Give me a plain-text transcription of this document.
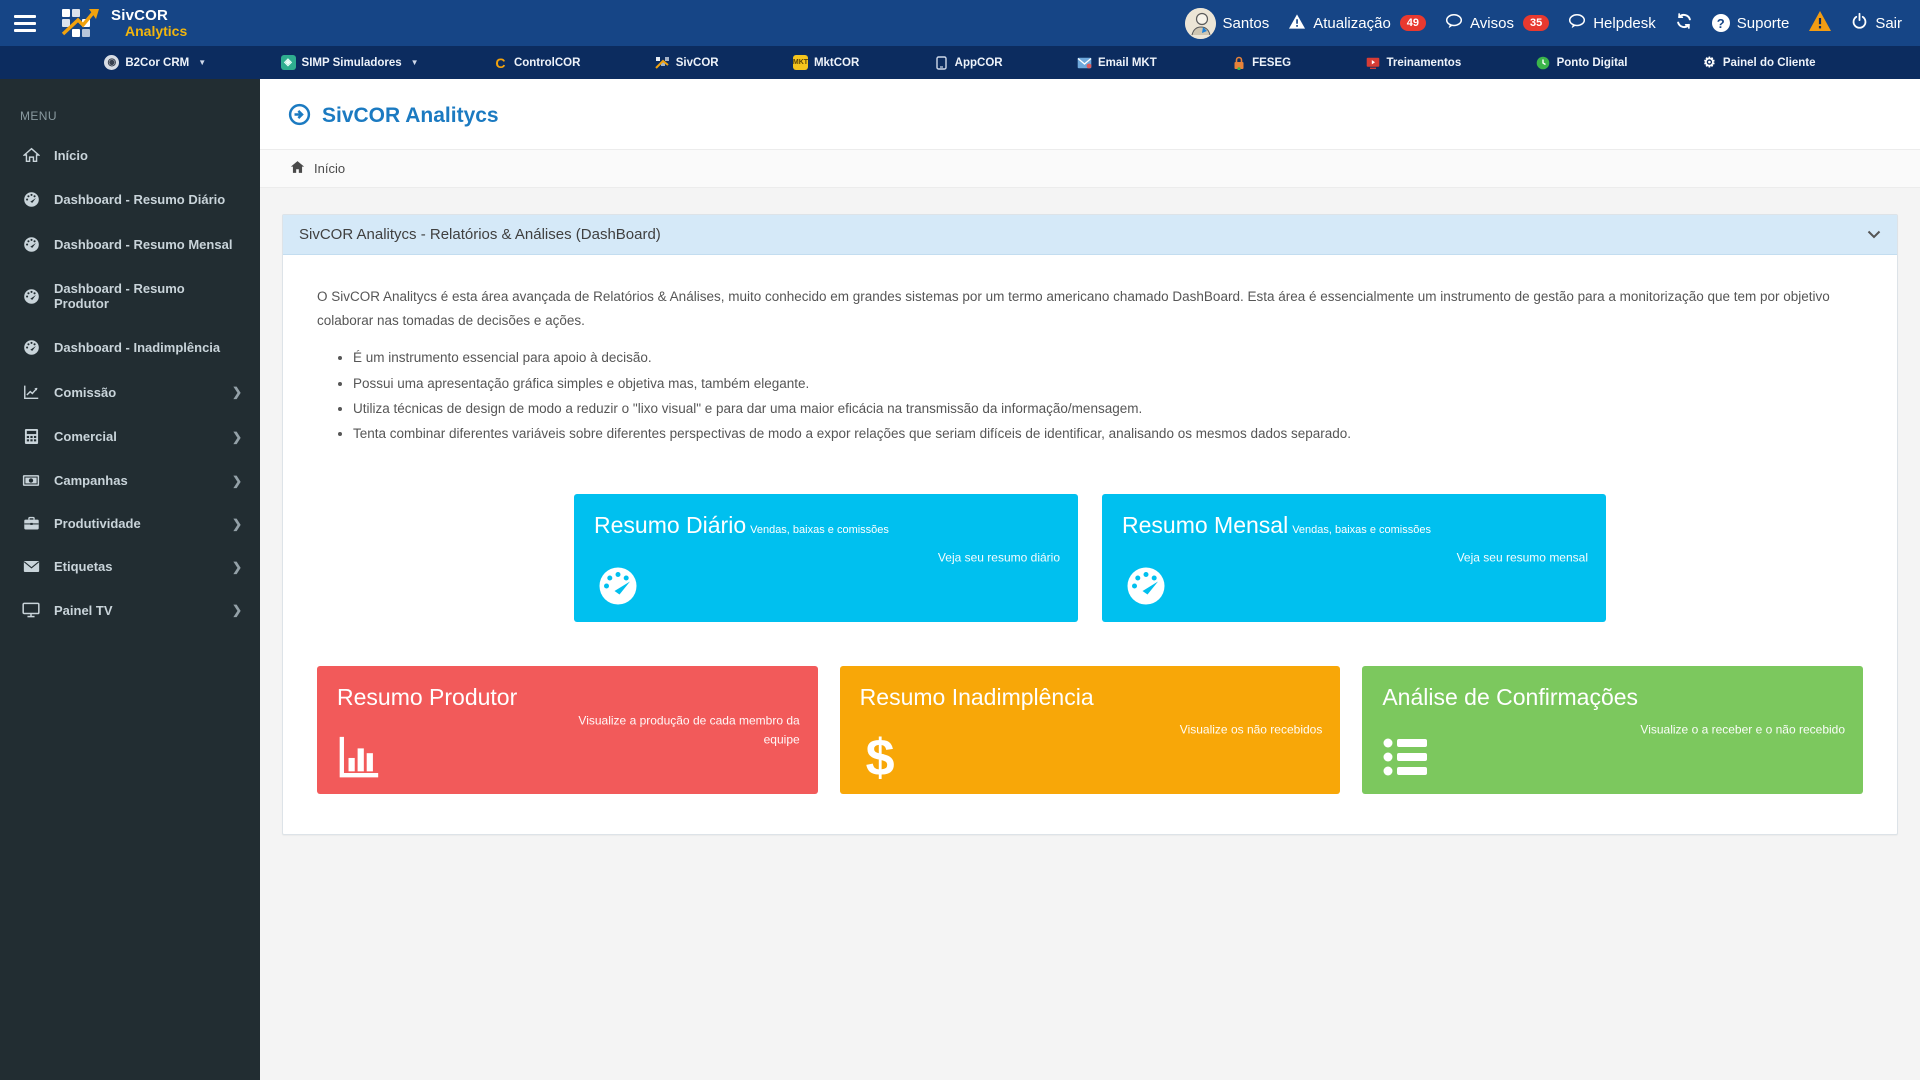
SivCOR
Analytics	Santos	Atualização	49	Avisos	35	Helpdesk	? Suporte	Sair
◉ B2Cor CRM ▼	◈ SIMP Simuladores ▼	C ControlCOR	SivCOR	MKT MktCOR	AppCOR	Email MKT	FESEG	Treinamentos	Ponto Digital	⚙ Painel do Cliente
MENU
Início
Dashboard - Resumo Diário
Dashboard - Resumo Mensal
Dashboard - Resumo Produtor
Dashboard - Inadimplência
Comissão	❯
Comercial	❯
Campanhas	❯
Produtividade	❯
Etiquetas	❯
Painel TV	❯
SivCOR Analitycs
Início
SivCOR Analitycs - Relatórios & Análises (DashBoard)

O SivCOR Analitycs é esta área avançada de Relatórios & Análises, muito conhecido em grandes sistemas por um termo americano chamado DashBoard. Esta área é essencialmente um instrumento de gestão para a monitorização que tem por objetivo colaborar nas tomadas de decisões e ações.

• É um instrumento essencial para apoio à decisão.
• Possui uma apresentação gráfica simples e objetiva mas, também elegante.
• Utiliza técnicas de design de modo a reduzir o "lixo visual" e para dar uma maior eficácia na transmissão da informação/mensagem.
• Tenta combinar diferentes variáveis sobre diferentes perspectivas de modo a expor relações que seriam difíceis de identificar, analisando os mesmos dados separado.
Resumo Diário Vendas, baixas e comissões
Veja seu resumo diário
Resumo Mensal Vendas, baixas e comissões
Veja seu resumo mensal
Resumo Produtor
Visualize a produção de cada membro da equipe
Resumo Inadimplência
$	Visualize os não recebidos
Análise de Confirmações
Visualize o a receber e o não recebido
